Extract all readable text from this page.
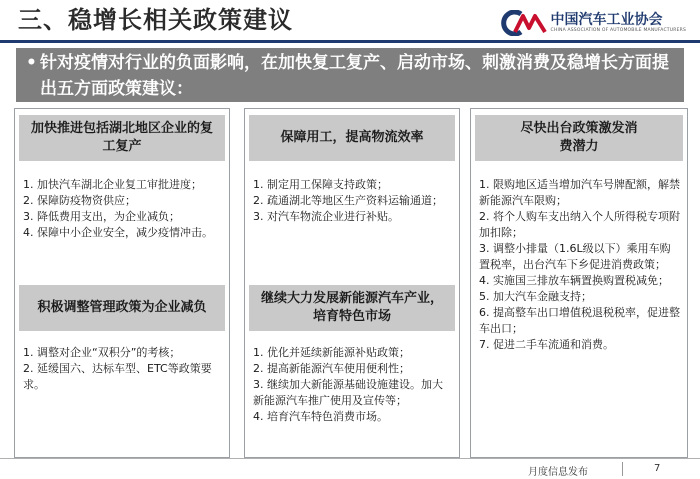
三、稳增长相关政策建议	中国汽车工业协会
CHINA ASSOCIATION OF AUTOMOBILE MANUFACTURERS
• 针对疫情对行业的负面影响，在加快复工复产、启动市场、刺激消费及稳增长方面提出五方面政策建议：
加快推进包括湖北地区企业的复工复产
1. 加快汽车湖北企业复工审批进度；
2. 保障防疫物资供应；
3. 降低费用支出，为企业减负；
4. 保障中小企业安全，减少疫情冲击。
积极调整管理政策为企业减负
1. 调整对企业“双积分”的考核；
2. 延缓国六、达标车型、ETC等政策要求。
保障用工，提高物流效率
1. 制定用工保障支持政策；
2. 疏通湖北等地区生产资料运输通道；
3. 对汽车物流企业进行补贴。
继续大力发展新能源汽车产业，培育特色市场
1. 优化并延续新能源补贴政策；
2. 提高新能源汽车使用便利性；
3. 继续加大新能源基础设施建设。加大新能源汽车推广使用及宣传等；
4. 培育汽车特色消费市场。
尽快出台政策激发消费潜力
1. 限购地区适当增加汽车号牌配额，解禁新能源汽车限购；
2. 将个人购车支出纳入个人所得税专项附加扣除；
3. 调整小排量（1.6L级以下）乘用车购置税率，出台汽车下乡促进消费政策；
4. 实施国三排放车辆置换购置税减免；
5. 加大汽车金融支持；
6. 提高整车出口增值税退税税率，促进整车出口；
7. 促进二手车流通和消费。
月度信息发布	7
